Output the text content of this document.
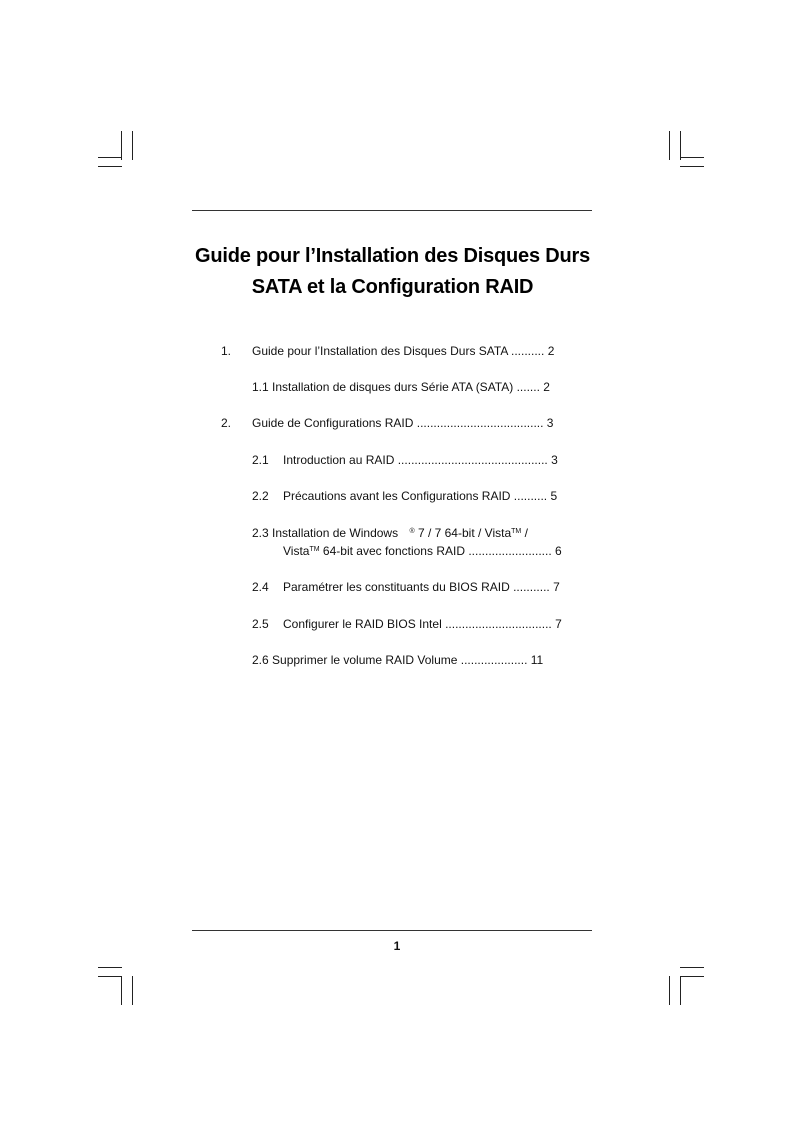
Guide pour l’Installation des Disques Durs
SATA et la Configuration RAID
1. Guide pour l’Installation des Disques Durs SATA .......... 2
1.1 Installation de disques durs Série ATA (SATA) ....... 2
2. Guide de Configurations RAID ...................................... 3
2.1 Introduction au RAID ............................................. 3
2.2 Précautions avant les Configurations RAID .......... 5
2.3 Installation de Windows ® 7 / 7 64-bit / Vista™ /
Vista™ 64-bit avec fonctions RAID ......................... 6
2.4 Paramétrer les constituants du BIOS RAID ........... 7
2.5 Configurer le RAID BIOS Intel ................................ 7
2.6 Supprimer le volume RAID Volume .................... 11
1
